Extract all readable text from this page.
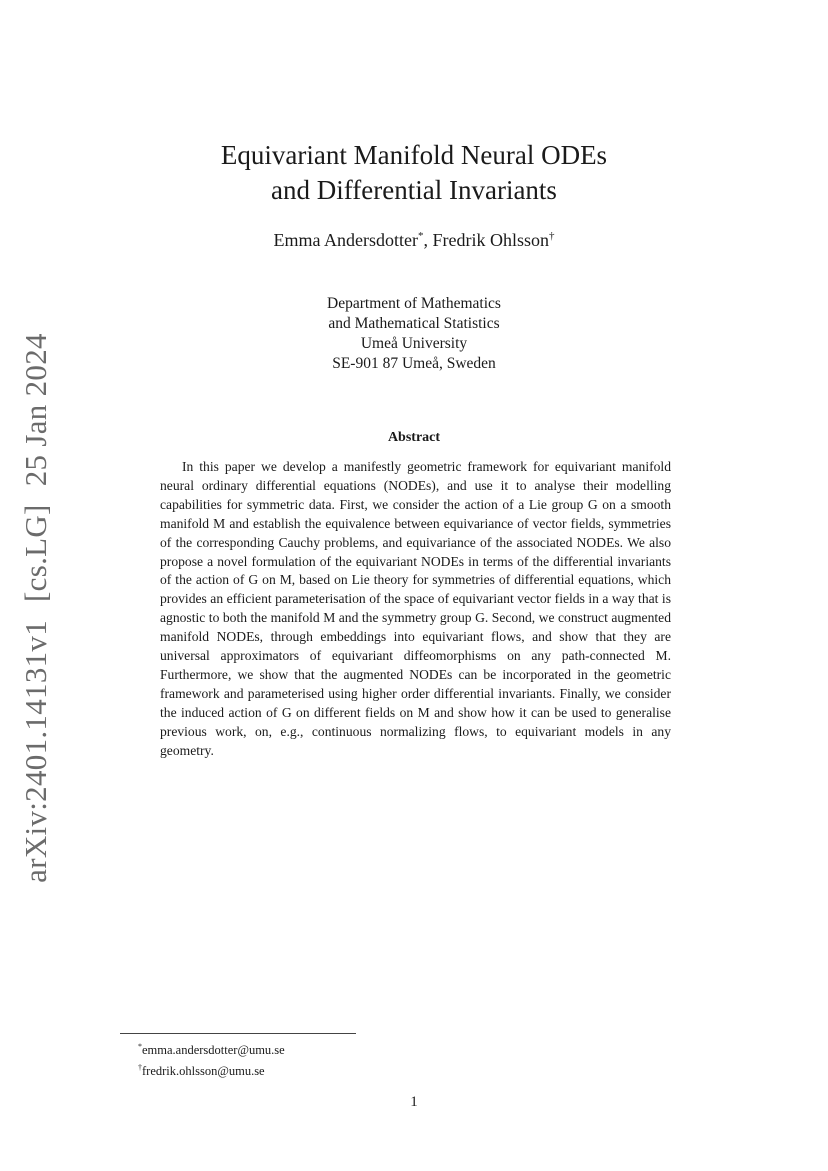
arXiv:2401.14131v1[cs.LG]25 Jan 2024
Equivariant Manifold Neural ODEs
and Differential Invariants
Emma Andersdotter*, Fredrik Ohlsson†
Department of Mathematics
and Mathematical Statistics
Umeå University
SE-901 87 Umeå, Sweden
Abstract

In this paper we develop a manifestly geometric framework for equivariant manifold neural ordinary differential equations (NODEs), and use it to analyse their modelling capabilities for symmetric data. First, we consider the action of a Lie group G on a smooth manifold M and establish the equivalence between equivariance of vector fields, symmetries of the corresponding Cauchy problems, and equivariance of the associated NODEs. We also propose a novel formulation of the equivariant NODEs in terms of the differential invariants of the action of G on M, based on Lie theory for symmetries of differential equations, which provides an efficient parameterisation of the space of equivariant vector fields in a way that is agnostic to both the manifold M and the symmetry group G. Second, we construct augmented manifold NODEs, through embeddings into equivariant flows, and show that they are universal approximators of equivariant diffeomorphisms on any path-connected M. Furthermore, we show that the augmented NODEs can be incorporated in the geometric framework and parameterised using higher order differential invariants. Finally, we consider the induced action of G on different fields on M and show how it can be used to generalise previous work, on, e.g., continuous normalizing flows, to equivariant models in any geometry.

*emma.andersdotter@umu.se
†fredrik.ohlsson@umu.se
1
